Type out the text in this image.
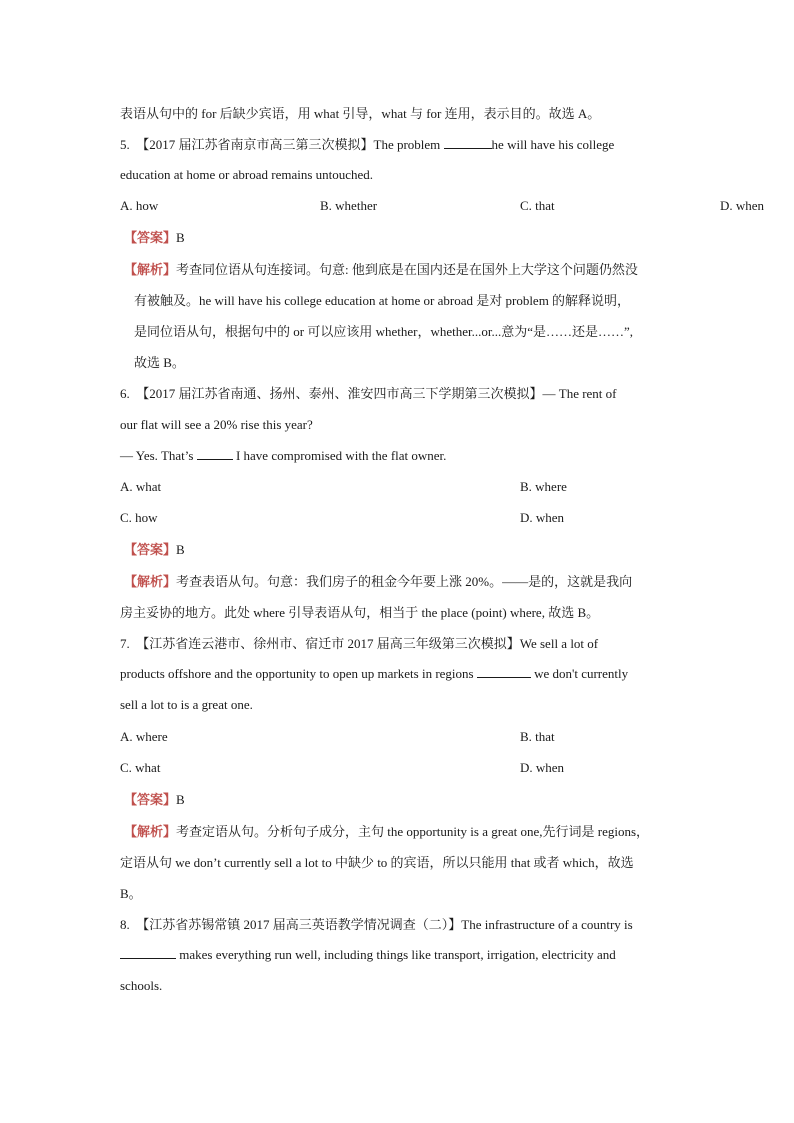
表语从句中的 for 后缺少宾语，用 what 引导，what 与 for 连用，表示目的。故选 A。
5.　【2017 届江苏省南京市高三第三次模拟】The problem	he will have his college
education at home or abroad remains untouched.
A. how	B. whether	C. that	D. when
【答案】B
【解析】考查同位语从句连接词。句意: 他到底是在国内还是在国外上大学这个问题仍然没
有被触及。he will have his college education at home or abroad 是对 problem 的解释说明，
是同位语从句，根据句中的 or 可以应该用 whether，whether...or...意为“是……还是……”,
故选 B。
6.　【2017 届江苏省南通、扬州、泰州、淮安四市高三下学期第三次模拟】— The rent of
our flat will see a 20% rise this year?
— Yes. That’s	I have compromised with the flat owner.
A. what	B. where
C. how	D. when
【答案】B
【解析】考查表语从句。句意：我们房子的租金今年要上涨 20%。——是的，这就是我向
房主妥协的地方。此处 where 引导表语从句，相当于 the place (point) where, 故选 B。
7.　【江苏省连云港市、徐州市、宿迁市 2017 届高三年级第三次模拟】We sell a lot of
products offshore and the opportunity to open up markets in regions	we don't currently
sell a lot to is a great one.
A. where	B. that
C. what	D. when
【答案】B
【解析】考查定语从句。分析句子成分，主句 the opportunity is a great one,先行词是 regions，
定语从句 we don’t currently sell a lot to 中缺少 to 的宾语，所以只能用 that 或者 which，故选
B。
8.　【江苏省苏锡常镇 2017 届高三英语教学情况调查（二）】The infrastructure of a country is
makes everything run well, including things like transport, irrigation, electricity and
schools.
